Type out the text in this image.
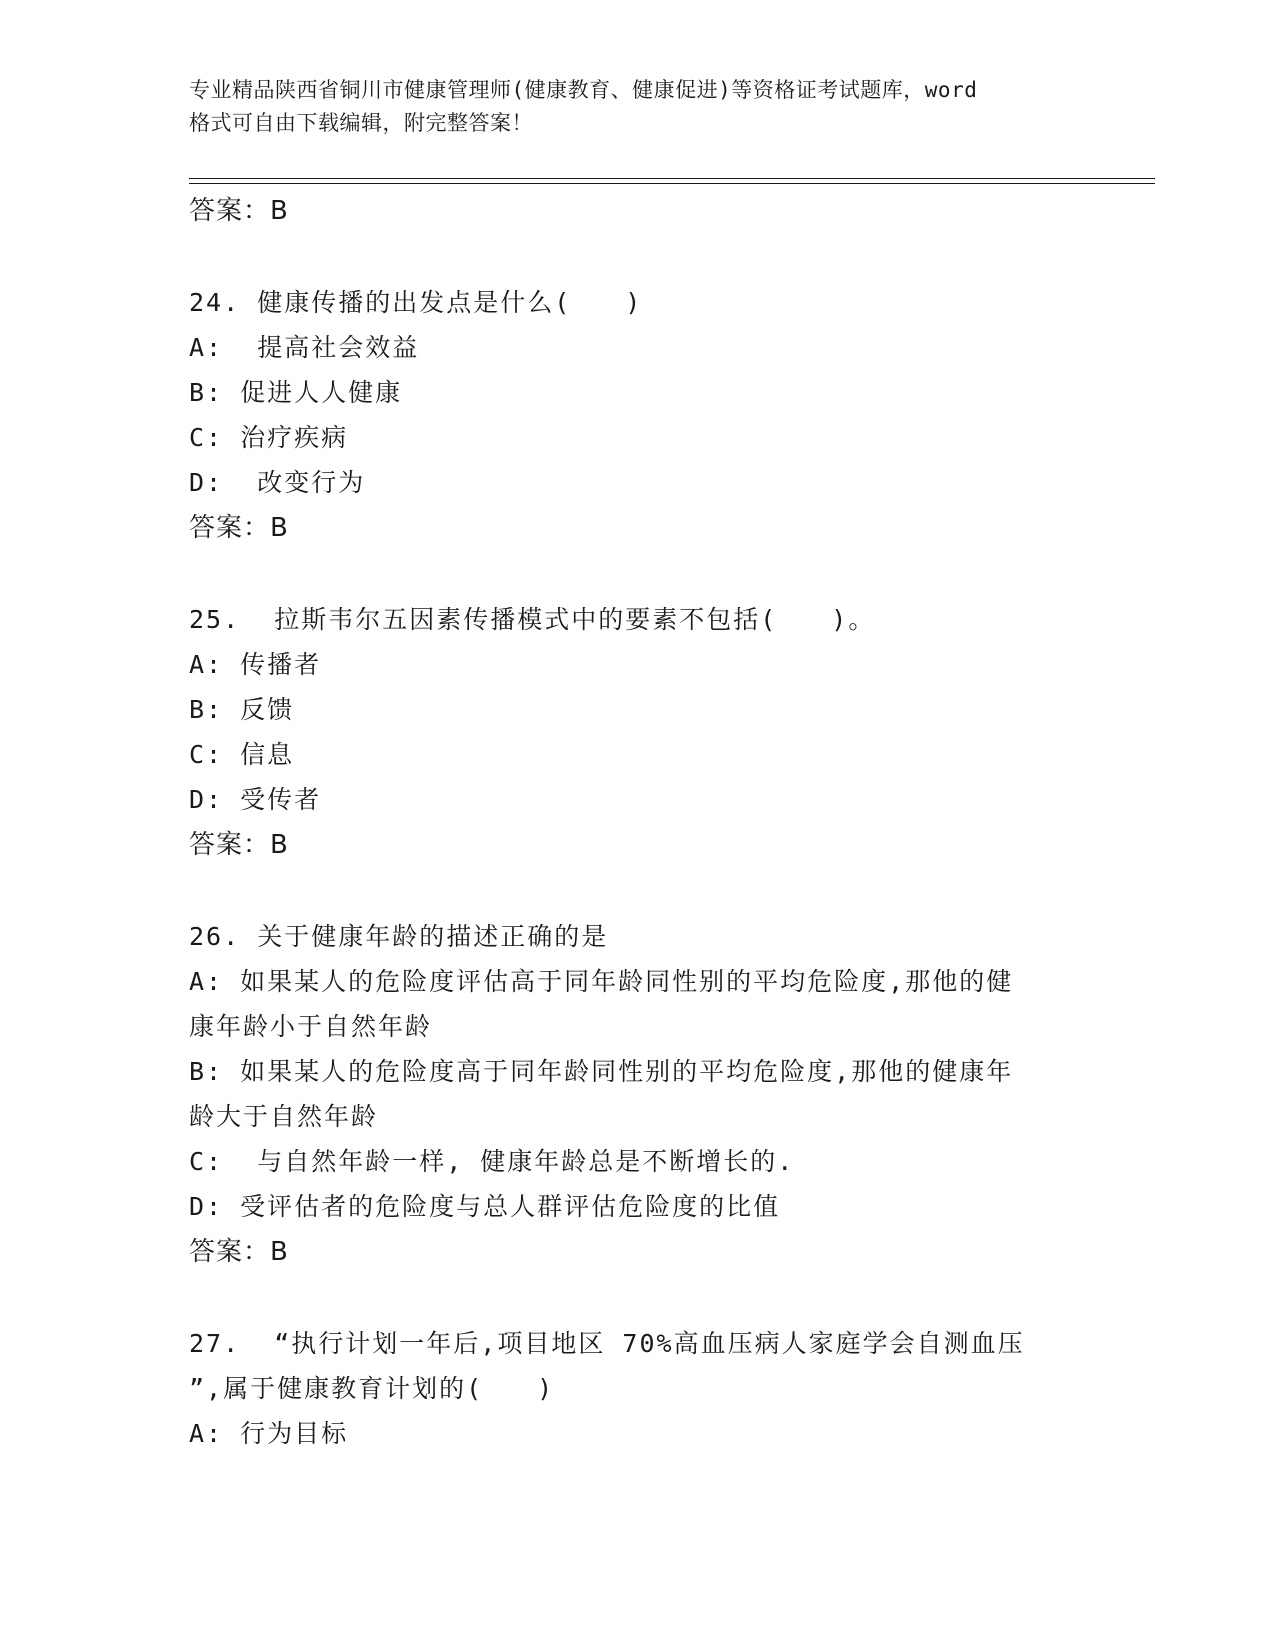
专业精品陕西省铜川市健康管理师(健康教育、健康促进)等资格证考试题库，word
格式可自由下载编辑，附完整答案！
答案：B
24. 健康传播的出发点是什么(　　)
A:  提高社会效益
B: 促进人人健康
C: 治疗疾病
D:  改变行为
答案：B
25.  拉斯韦尔五因素传播模式中的要素不包括(　　)。
A: 传播者
B: 反馈
C: 信息
D: 受传者
答案：B
26. 关于健康年龄的描述正确的是
A: 如果某人的危险度评估高于同年龄同性别的平均危险度,那他的健
康年龄小于自然年龄
B: 如果某人的危险度高于同年龄同性别的平均危险度,那他的健康年
龄大于自然年龄
C:  与自然年龄一样, 健康年龄总是不断增长的.
D: 受评估者的危险度与总人群评估危险度的比值
答案：B
27.  “执行计划一年后,项目地区 70%高血压病人家庭学会自测血压
”,属于健康教育计划的(　　)
A: 行为目标
